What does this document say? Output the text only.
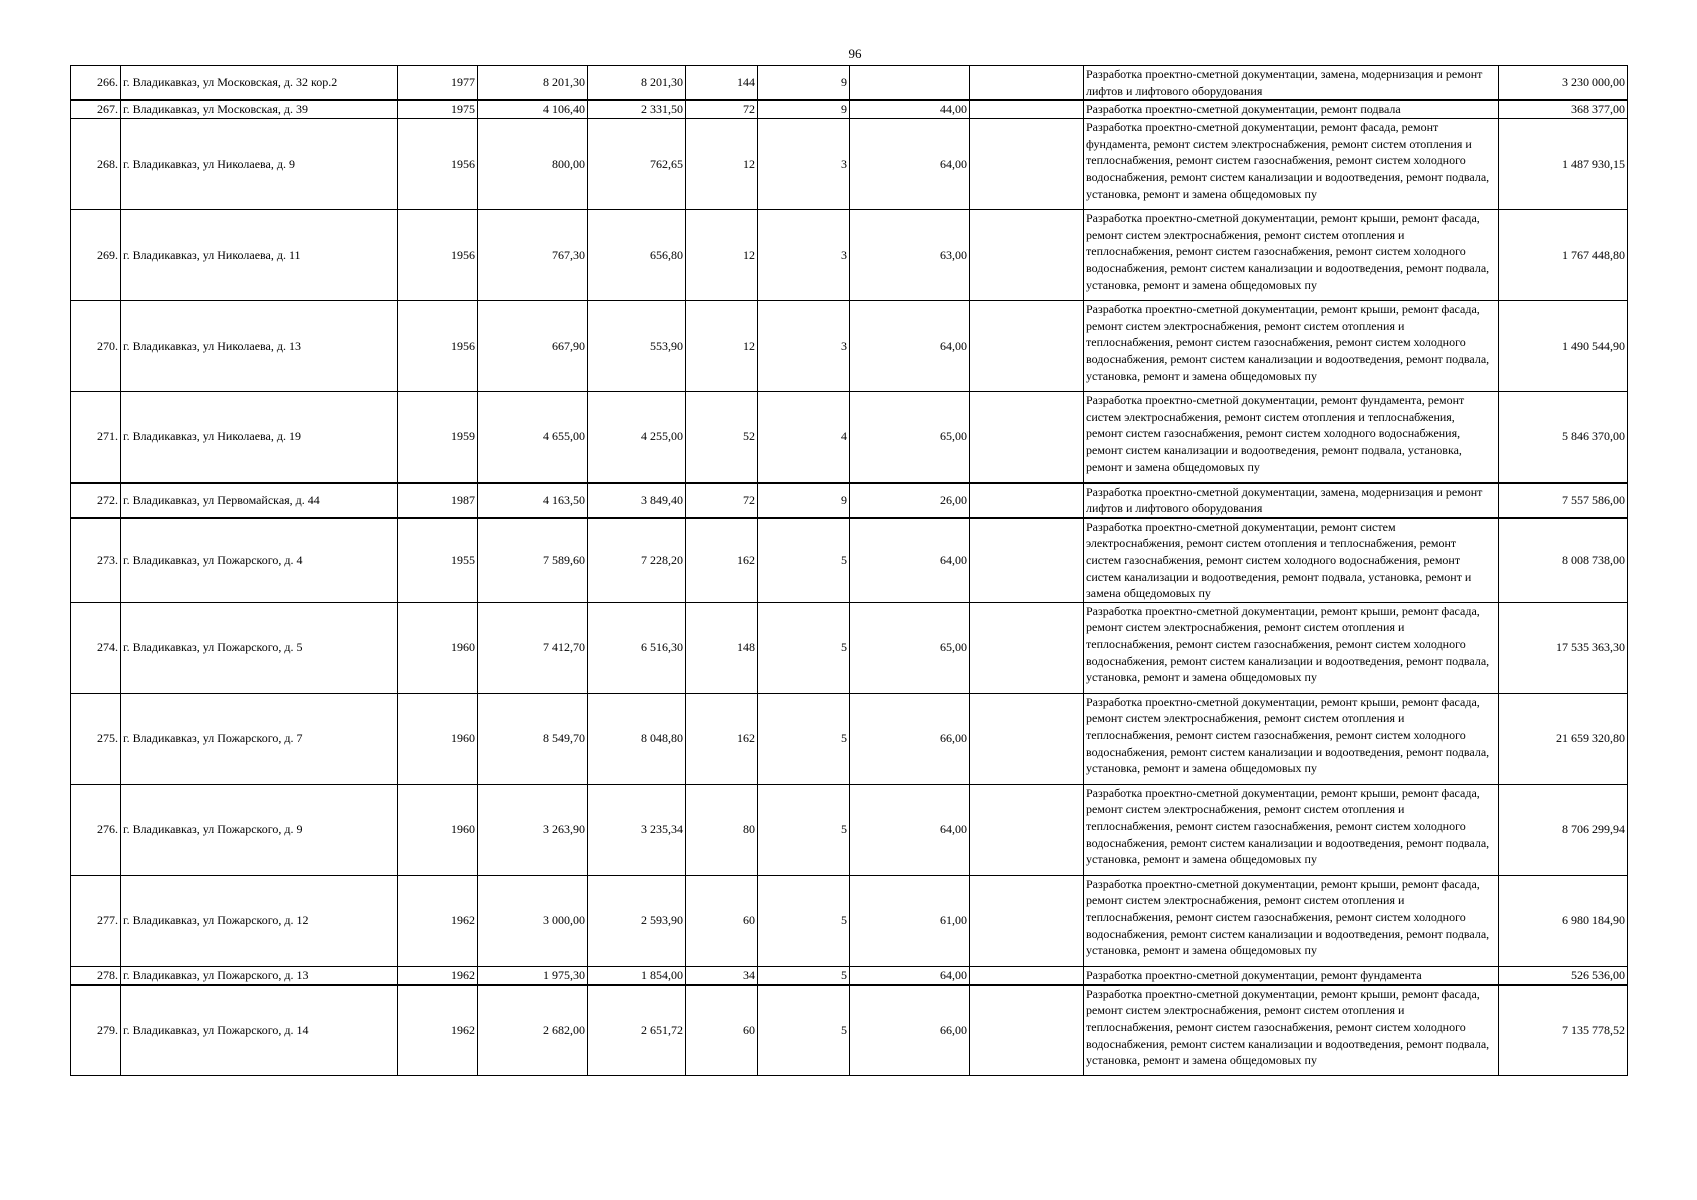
96
266.	г. Владикавказ, ул Московская, д. 32 кор.2	1977	8 201,30	8 201,30	144	9			Разработка проектно-сметной документации, замена, модернизация и ремонт лифтов и лифтового оборудования	3 230 000,00
267.	г. Владикавказ, ул Московская, д. 39	1975	4 106,40	2 331,50	72	9	44,00		Разработка проектно-сметной документации, ремонт подвала	368 377,00
268.	г. Владикавказ, ул Николаева, д. 9	1956	800,00	762,65	12	3	64,00		Разработка проектно-сметной документации, ремонт фасада, ремонт фундамента, ремонт систем электроснабжения, ремонт систем отопления и теплоснабжения, ремонт систем газоснабжения, ремонт систем холодного водоснабжения, ремонт систем канализации и водоотведения, ремонт подвала, установка, ремонт и замена общедомовых пу	1 487 930,15
269.	г. Владикавказ, ул Николаева, д. 11	1956	767,30	656,80	12	3	63,00		Разработка проектно-сметной документации, ремонт крыши, ремонт фасада, ремонт систем электроснабжения, ремонт систем отопления и теплоснабжения, ремонт систем газоснабжения, ремонт систем холодного водоснабжения, ремонт систем канализации и водоотведения, ремонт подвала, установка, ремонт и замена общедомовых пу	1 767 448,80
270.	г. Владикавказ, ул Николаева, д. 13	1956	667,90	553,90	12	3	64,00		Разработка проектно-сметной документации, ремонт крыши, ремонт фасада, ремонт систем электроснабжения, ремонт систем отопления и теплоснабжения, ремонт систем газоснабжения, ремонт систем холодного водоснабжения, ремонт систем канализации и водоотведения, ремонт подвала, установка, ремонт и замена общедомовых пу	1 490 544,90
271.	г. Владикавказ, ул Николаева, д. 19	1959	4 655,00	4 255,00	52	4	65,00		Разработка проектно-сметной документации, ремонт фундамента, ремонт систем электроснабжения, ремонт систем отопления и теплоснабжения, ремонт систем газоснабжения, ремонт систем холодного водоснабжения, ремонт систем канализации и водоотведения, ремонт подвала, установка, ремонт и замена общедомовых пу	5 846 370,00
272.	г. Владикавказ, ул Первомайская, д. 44	1987	4 163,50	3 849,40	72	9	26,00		Разработка проектно-сметной документации, замена, модернизация и ремонт лифтов и лифтового оборудования	7 557 586,00
273.	г. Владикавказ, ул Пожарского, д. 4	1955	7 589,60	7 228,20	162	5	64,00		Разработка проектно-сметной документации, ремонт систем электроснабжения, ремонт систем отопления и теплоснабжения, ремонт систем газоснабжения, ремонт систем холодного водоснабжения, ремонт систем канализации и водоотведения, ремонт подвала, установка, ремонт и замена общедомовых пу	8 008 738,00
274.	г. Владикавказ, ул Пожарского, д. 5	1960	7 412,70	6 516,30	148	5	65,00		Разработка проектно-сметной документации, ремонт крыши, ремонт фасада, ремонт систем электроснабжения, ремонт систем отопления и теплоснабжения, ремонт систем газоснабжения, ремонт систем холодного водоснабжения, ремонт систем канализации и водоотведения, ремонт подвала, установка, ремонт и замена общедомовых пу	17 535 363,30
275.	г. Владикавказ, ул Пожарского, д. 7	1960	8 549,70	8 048,80	162	5	66,00		Разработка проектно-сметной документации, ремонт крыши, ремонт фасада, ремонт систем электроснабжения, ремонт систем отопления и теплоснабжения, ремонт систем газоснабжения, ремонт систем холодного водоснабжения, ремонт систем канализации и водоотведения, ремонт подвала, установка, ремонт и замена общедомовых пу	21 659 320,80
276.	г. Владикавказ, ул Пожарского, д. 9	1960	3 263,90	3 235,34	80	5	64,00		Разработка проектно-сметной документации, ремонт крыши, ремонт фасада, ремонт систем электроснабжения, ремонт систем отопления и теплоснабжения, ремонт систем газоснабжения, ремонт систем холодного водоснабжения, ремонт систем канализации и водоотведения, ремонт подвала, установка, ремонт и замена общедомовых пу	8 706 299,94
277.	г. Владикавказ, ул Пожарского, д. 12	1962	3 000,00	2 593,90	60	5	61,00		Разработка проектно-сметной документации, ремонт крыши, ремонт фасада, ремонт систем электроснабжения, ремонт систем отопления и теплоснабжения, ремонт систем газоснабжения, ремонт систем холодного водоснабжения, ремонт систем канализации и водоотведения, ремонт подвала, установка, ремонт и замена общедомовых пу	6 980 184,90
278.	г. Владикавказ, ул Пожарского, д. 13	1962	1 975,30	1 854,00	34	5	64,00		Разработка проектно-сметной документации, ремонт фундамента	526 536,00
279.	г. Владикавказ, ул Пожарского, д. 14	1962	2 682,00	2 651,72	60	5	66,00		Разработка проектно-сметной документации, ремонт крыши, ремонт фасада, ремонт систем электроснабжения, ремонт систем отопления и теплоснабжения, ремонт систем газоснабжения, ремонт систем холодного водоснабжения, ремонт систем канализации и водоотведения, ремонт подвала, установка, ремонт и замена общедомовых пу	7 135 778,52
